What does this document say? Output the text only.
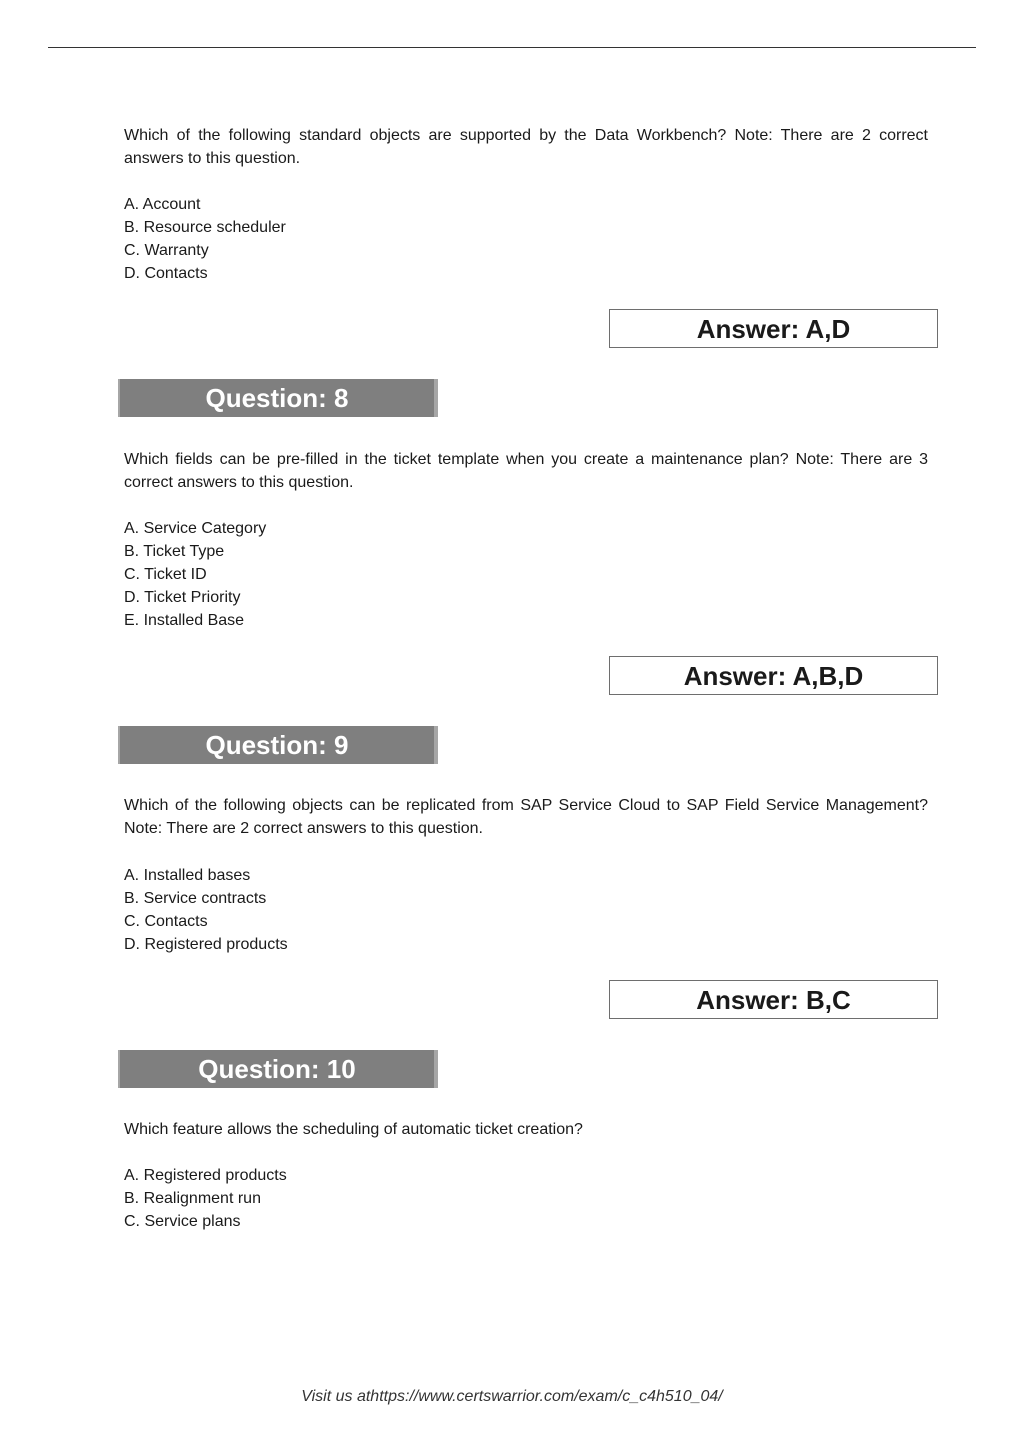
Which of the following standard objects are supported by the Data Workbench? Note: There are 2 correct answers to this question.

A. Account
B. Resource scheduler
C. Warranty
D. Contacts
Answer: A,D
Question: 8

Which fields can be pre-filled in the ticket template when you create a maintenance plan? Note: There are 3 correct answers to this question.

A. Service Category
B. Ticket Type
C. Ticket ID
D. Ticket Priority
E. Installed Base
Answer: A,B,D
Question: 9

Which of the following objects can be replicated from SAP Service Cloud to SAP Field Service Management? Note: There are 2 correct answers to this question.

A. Installed bases
B. Service contracts
C. Contacts
D. Registered products
Answer: B,C
Question: 10

Which feature allows the scheduling of automatic ticket creation?

A. Registered products
B. Realignment run
C. Service plans
Visit us athttps://www.certswarrior.com/exam/c_c4h510_04/
